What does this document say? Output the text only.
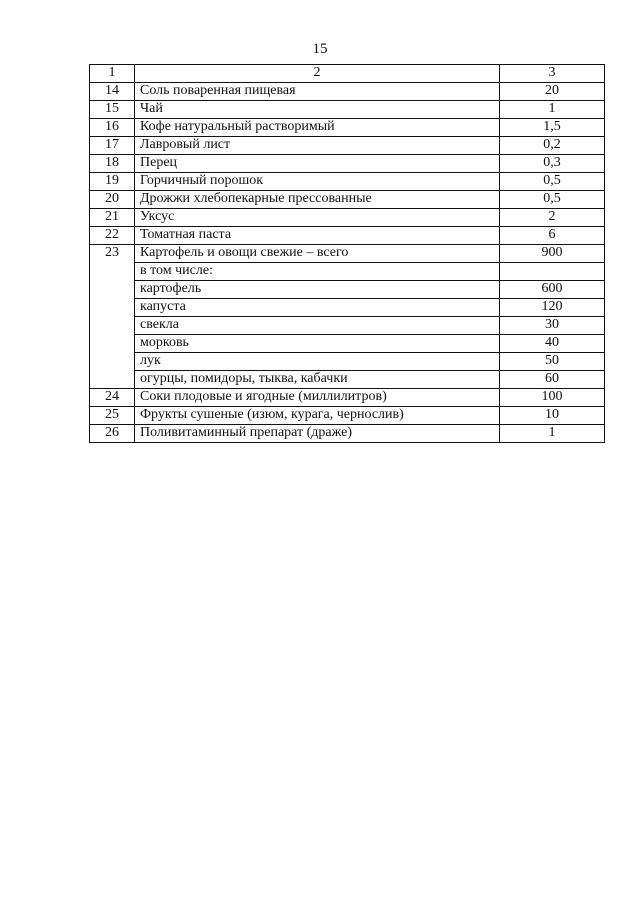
15
1	2	3
14	Соль поваренная пищевая	20
15	Чай	1
16	Кофе натуральный растворимый	1,5
17	Лавровый лист	0,2
18	Перец	0,3
19	Горчичный порошок	0,5
20	Дрожжи хлебопекарные прессованные	0,5
21	Уксус	2
22	Томатная паста	6
23	Картофель и овощи свежие – всего	900
	в том числе:	
	картофель	600
	капуста	120
	свекла	30
	морковь	40
	лук	50
	огурцы, помидоры, тыква, кабачки	60
24	Соки плодовые и ягодные (миллилитров)	100
25	Фрукты сушеные (изюм, курага, чернослив)	10
26	Поливитаминный препарат (драже)	1
